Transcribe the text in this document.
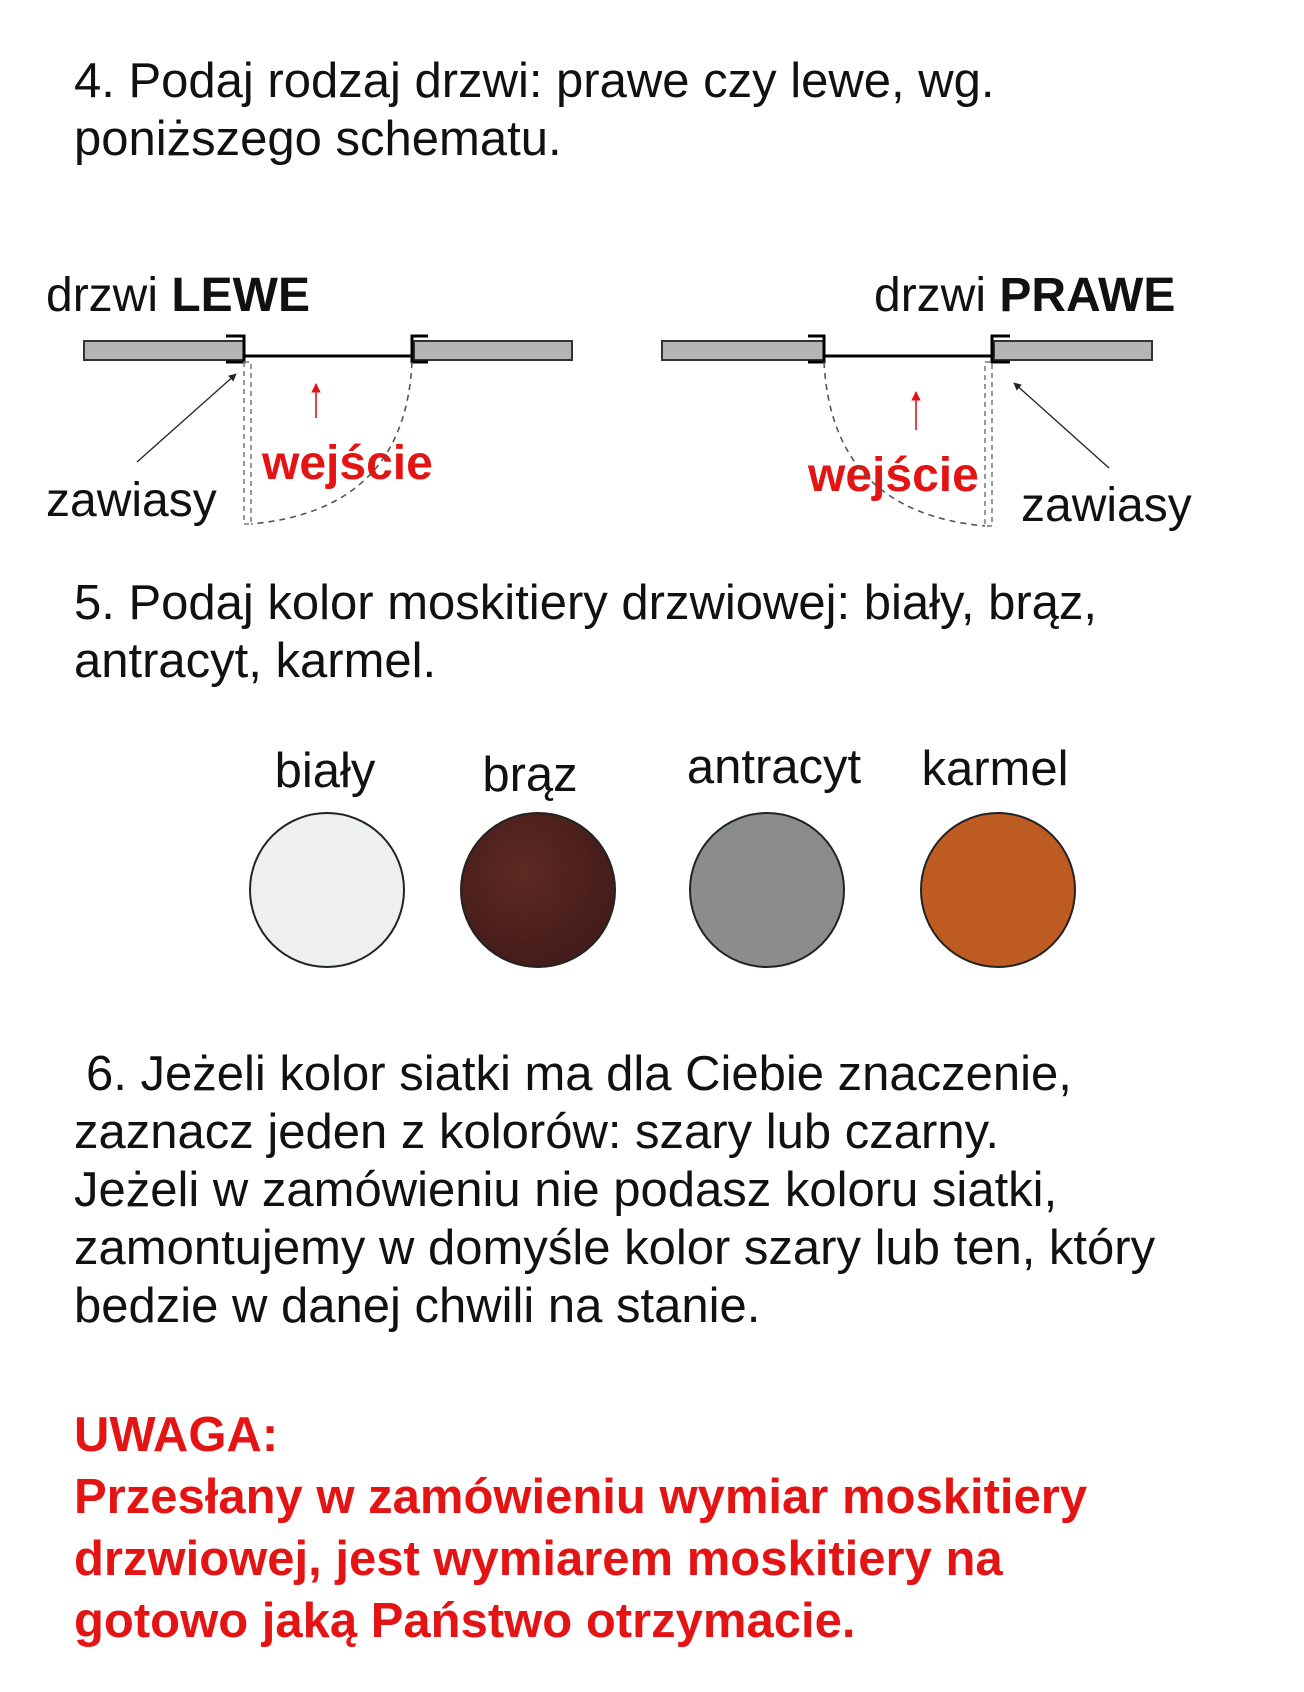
4. Podaj rodzaj drzwi: prawe czy lewe, wg. poniższego schematu.

drzwi LEWE
zawiasy
wejście
drzwi PRAWE
zawiasy
wejście

5. Podaj kolor moskitiery drzwiowej: biały, brąz, antracyt, karmel.

biały	brąz	antracyt	karmel
6. Jeżeli kolor siatki ma dla Ciebie znaczenie,
zaznacz jeden z kolorów: szary lub czarny.
Jeżeli w zamówieniu nie podasz koloru siatki,
zamontujemy w domyśle kolor szary lub ten, który
bedzie w danej chwili na stanie.
UWAGA:
Przesłany w zamówieniu wymiar moskitiery
drzwiowej, jest wymiarem moskitiery na
gotowo jaką Państwo otrzymacie.
